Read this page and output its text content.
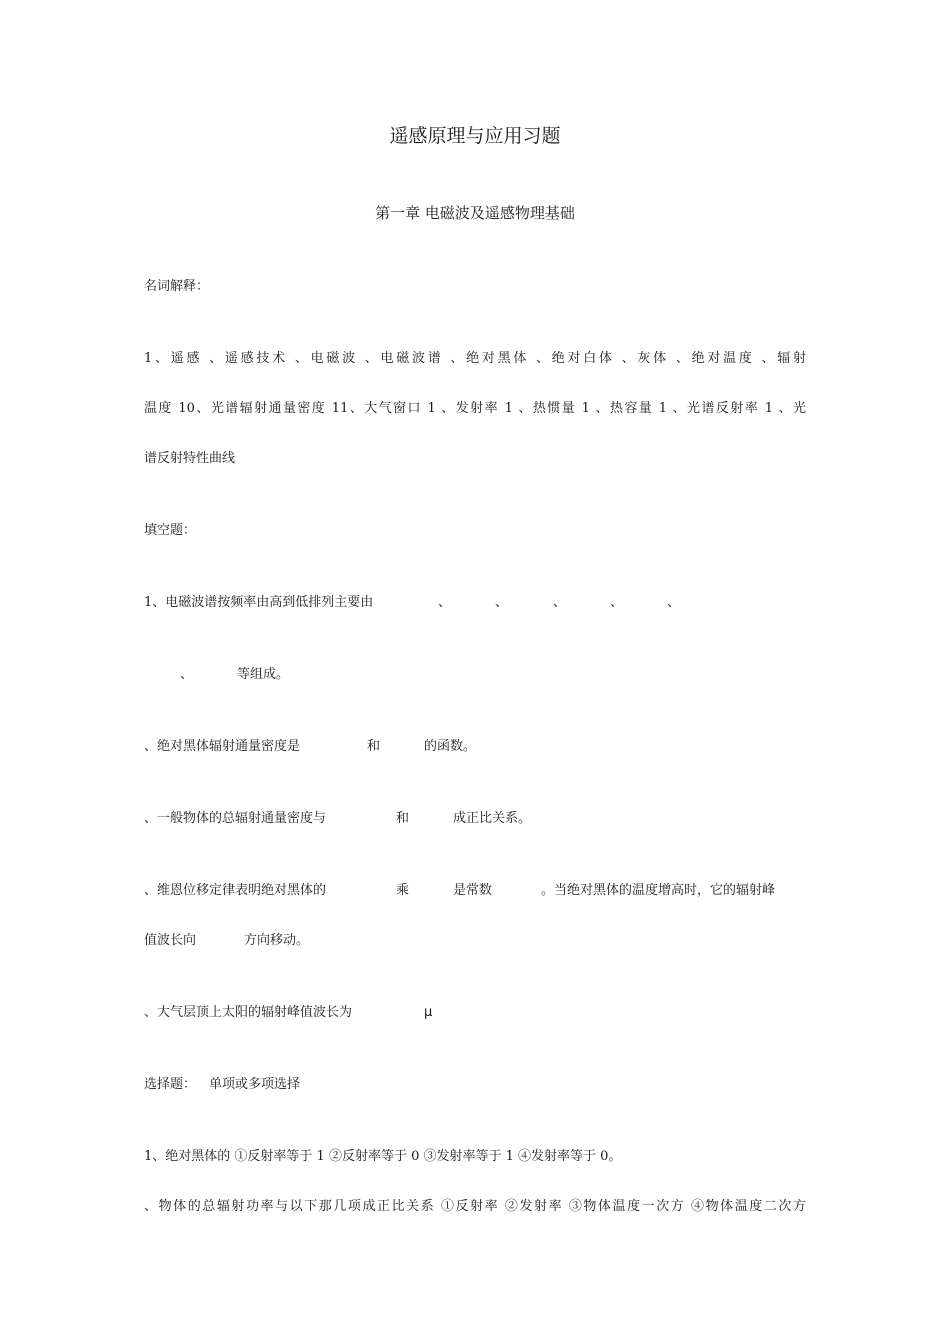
遥感原理与应用习题
第一章 电磁波及遥感物理基础
名词解释：
1、遥感 、遥感技术 、电磁波 、电磁波谱 、绝对黑体 、绝对白体 、灰体 、绝对温度 、辐射
温度 10、光谱辐射通量密度 11、大气窗口 1 、发射率 1 、热惯量 1 、热容量 1 、光谱反射率 1 、光
谱反射特性曲线
填空题：
1、电磁波谱按频率由高到低排列主要由	、	、	、	、	、
、	等组成。
、绝对黑体辐射通量密度是	和	的函数。
、一般物体的总辐射通量密度与	和	成正比关系。
、维恩位移定律表明绝对黑体的	乘	是常数	。当绝对黑体的温度增高时，它的辐射峰
值波长向	方向移动。
、大气层顶上太阳的辐射峰值波长为	μ
选择题： 单项或多项选择
1、绝对黑体的 ①反射率等于 1 ②反射率等于 0 ③发射率等于 1 ④发射率等于 0。
、物体的总辐射功率与以下那几项成正比关系 ①反射率 ②发射率 ③物体温度一次方 ④物体温度二次方
